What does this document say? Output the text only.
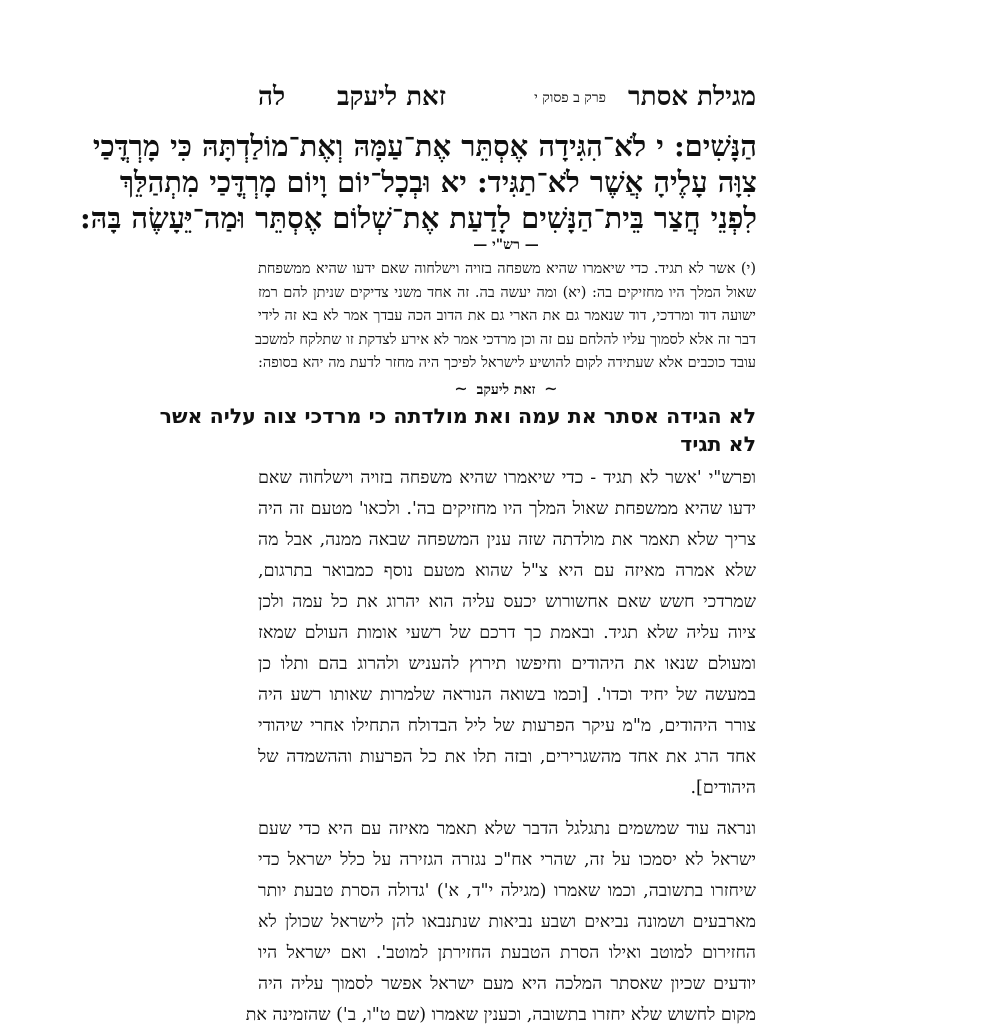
מגילת אסתר
פרק ב פסוק י
זאת ליעקב
לה
הַנָּשִׁים: י לֹא־הִגִּידָה אֶסְתֵּר אֶת־עַמָּהּ וְאֶת־מוֹלַדְתָּהּ כִּי מָרְדֳּכַי
צִוָּה עָלֶיהָ אֲשֶׁר לֹא־תַגִּיד: יא וּבְכָל־יוֹם וָיוֹם מָרְדֳּכַי מִתְהַלֵּךְ
לִפְנֵי חֲצַר בֵּית־הַנָּשִׁים לָדַעַת אֶת־שְׁלוֹם אֶסְתֵּר וּמַה־יֵּעָשֶׂה בָּהּ:
— רש"י —
(י) אשר לא תגיד. כדי שיאמרו שהיא משפחה בזויה וישלחוה שאם ידעו שהיא ממשפחת
שאול המלך היו מחזיקים בה: (יא) ומה יעשה בה. זה אחד משני צדיקים שניתן להם רמז
ישועה דוד ומרדכי, דוד שנאמר גם את הארי גם את הדוב הכה עבדך אמר לא בא זה לידי
דבר זה אלא לסמוך עליו להלחם עם זה וכן מרדכי אמר לא אירע לצדקת זו שתלקח למשכב
עובד כוכבים אלא שעתידה לקום להושיע לישראל לפיכך היה מחזר לדעת מה יהא בסופה:
∽ זאת ליעקב ∽
לא הגידה אסתר את עמה ואת מולדתה כי מרדכי צוה עליה אשר
לא תגיד
ופרש"י 'אשר לא תגיד - כדי שיאמרו שהיא משפחה בזויה וישלחוה שאם
ידעו שהיא ממשפחת שאול המלך היו מחזיקים בה'. ולכאו' מטעם זה היה
צריך שלא תאמר את מולדתה שזה ענין המשפחה שבאה ממנה, אבל מה
שלא אמרה מאיזה עם היא צ"ל שהוא מטעם נוסף כמבואר בתרגום,
שמרדכי חשש שאם אחשורוש יכעס עליה הוא יהרוג את כל עמה ולכן
ציוה עליה שלא תגיד. ובאמת כך דרכם של רשעי אומות העולם שמאז
ומעולם שנאו את היהודים וחיפשו תירוץ להעניש ולהרוג בהם ותלו כן
במעשה של יחיד וכדו'. [וכמו בשואה הנוראה שלמרות שאותו רשע היה
צורר היהודים, מ"מ עיקר הפרעות של ליל הבדולח התחילו אחרי שיהודי
אחד הרג את אחד מהשגרירים, ובזה תלו את כל הפרעות וההשמדה של
היהודים].
ונראה עוד שמשמים נתגלגל הדבר שלא תאמר מאיזה עם היא כדי שעם
ישראל לא יסמכו על זה, שהרי אח"כ נגזרה הגזירה על כלל ישראל כדי
שיחזרו בתשובה, וכמו שאמרו (מגילה י"ד, א') 'גדולה הסרת טבעת יותר
מארבעים ושמונה נביאים ושבע נביאות שנתנבאו להן לישראל שכולן לא
החזירום למוטב ואילו הסרת הטבעת החזירתן למוטב'. ואם ישראל היו
יודעים שכיון שאסתר המלכה היא מעם ישראל אפשר לסמוך עליה היה
מקום לחשוש שלא יחזרו בתשובה, וכענין שאמרו (שם ט"ו, ב') שהזמינה את
